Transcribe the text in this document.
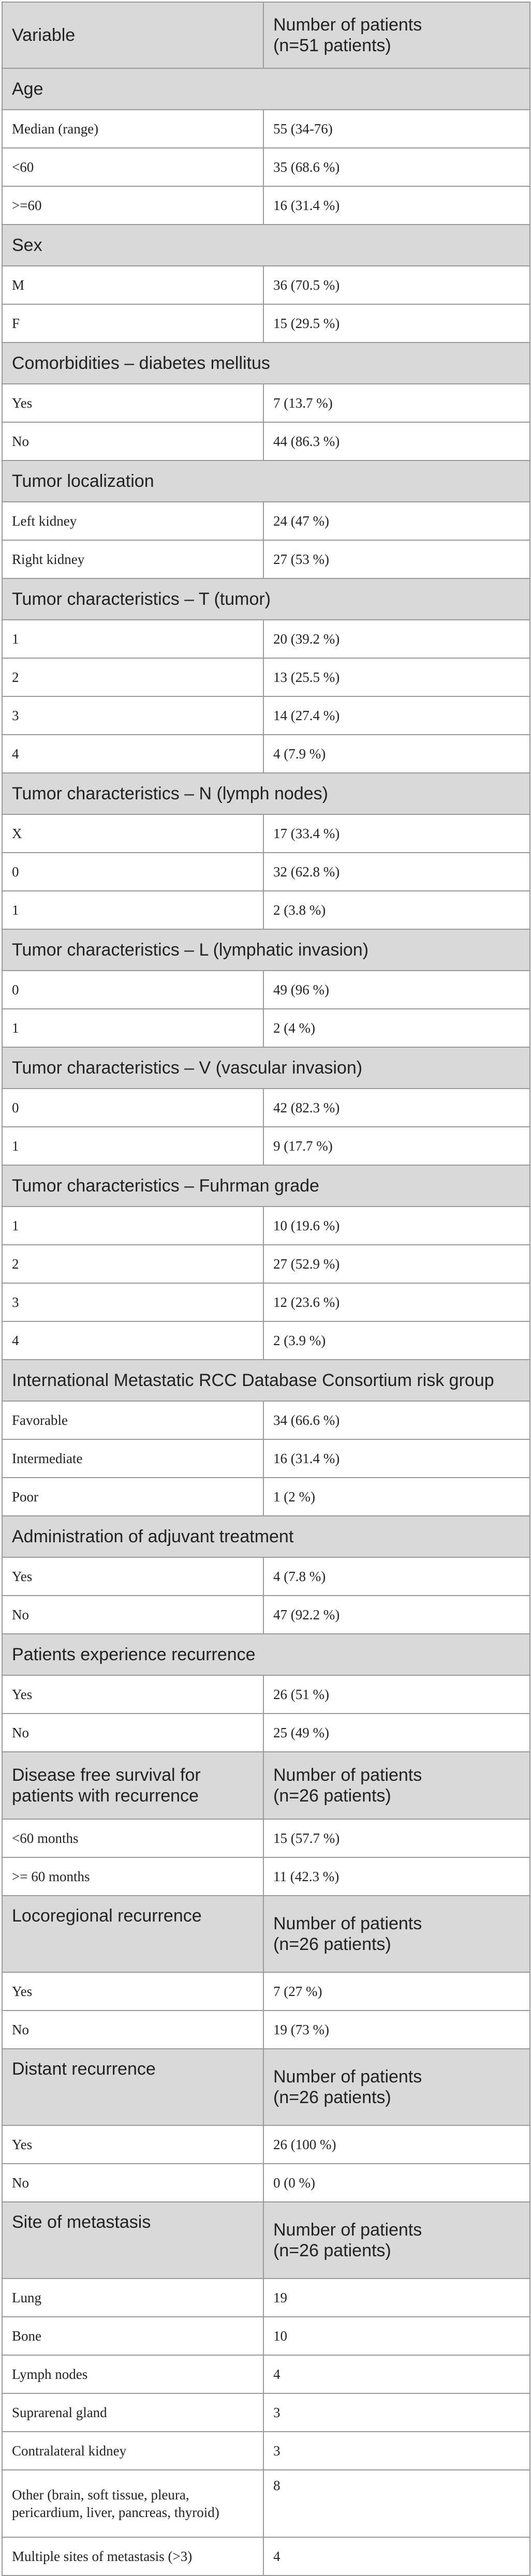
Variable	Number of patients
(n=51 patients)
Age	
Median (range)	55 (34-76)
<60	35 (68.6 %)
>=60	16 (31.4 %)
Sex	
M	36 (70.5 %)
F	15 (29.5 %)
Comorbidities – diabetes mellitus	
Yes	7 (13.7 %)
No	44 (86.3 %)
Tumor localization	
Left kidney	24 (47 %)
Right kidney	27 (53 %)
Tumor characteristics – T (tumor)	
1	20 (39.2 %)
2	13 (25.5 %)
3	14 (27.4 %)
4	4 (7.9 %)
Tumor characteristics – N (lymph nodes)	
X	17 (33.4 %)
0	32 (62.8 %)
1	2 (3.8 %)
Tumor characteristics – L (lymphatic invasion)	
0	49 (96 %)
1	2 (4 %)
Tumor characteristics – V (vascular invasion)	
0	42 (82.3 %)
1	9 (17.7 %)
Tumor characteristics – Fuhrman grade	
1	10 (19.6 %)
2	27 (52.9 %)
3	12 (23.6 %)
4	2 (3.9 %)
International Metastatic RCC Database Consortium risk group	
Favorable	34 (66.6 %)
Intermediate	16 (31.4 %)
Poor	1 (2 %)
Administration of adjuvant treatment	
Yes	4 (7.8 %)
No	47 (92.2 %)
Patients experience recurrence	
Yes	26 (51 %)
No	25 (49 %)
Disease free survival for
patients with recurrence	Number of patients
(n=26 patients)
<60 months	15 (57.7 %)
>= 60 months	11 (42.3 %)
Locoregional recurrence	Number of patients
(n=26 patients)
Yes	7 (27 %)
No	19 (73 %)
Distant recurrence	Number of patients
(n=26 patients)
Yes	26 (100 %)
No	0 (0 %)
Site of metastasis	Number of patients
(n=26 patients)
Lung	19
Bone	10
Lymph nodes	4
Suprarenal gland	3
Contralateral kidney	3
Other (brain, soft tissue, pleura,
pericardium, liver, pancreas, thyroid)	8
Multiple sites of metastasis (>3)	4
